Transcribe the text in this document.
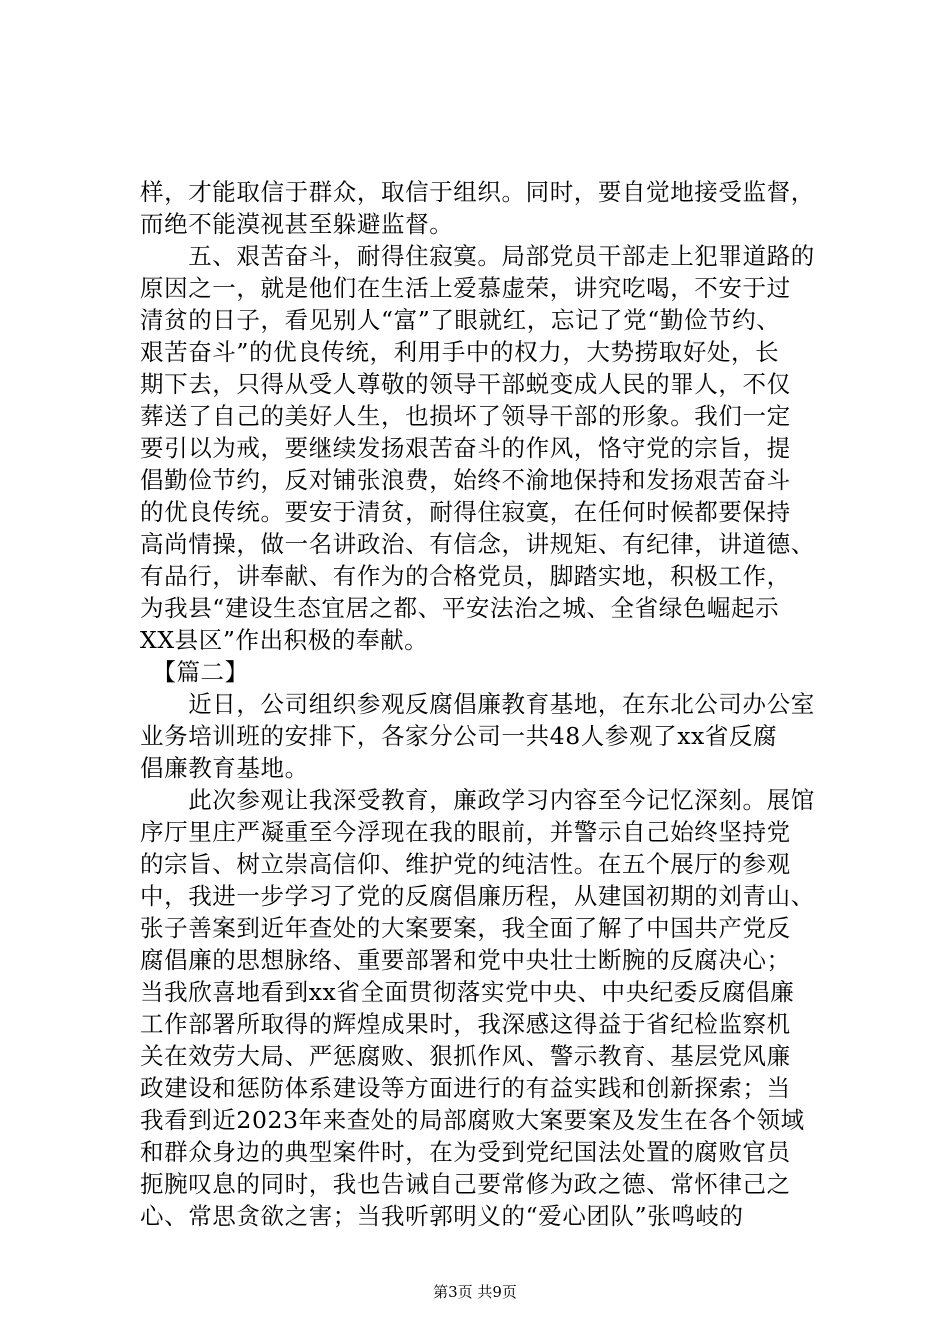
样，才能取信于群众，取信于组织。同时，要自觉地接受监督，
而绝不能漠视甚至躲避监督。
　　五、艰苦奋斗，耐得住寂寞。局部党员干部走上犯罪道路的
原因之一，就是他们在生活上爱慕虚荣，讲究吃喝，不安于过
清贫的日子，看见别人“富”了眼就红，忘记了党“勤俭节约、
艰苦奋斗”的优良传统，利用手中的权力，大势捞取好处，长
期下去，只得从受人尊敬的领导干部蜕变成人民的罪人，不仅
葬送了自己的美好人生，也损坏了领导干部的形象。我们一定
要引以为戒，要继续发扬艰苦奋斗的作风，恪守党的宗旨，提
倡勤俭节约，反对铺张浪费，始终不渝地保持和发扬艰苦奋斗
的优良传统。要安于清贫，耐得住寂寞，在任何时候都要保持
高尚情操，做一名讲政治、有信念，讲规矩、有纪律，讲道德、
有品行，讲奉献、有作为的合格党员，脚踏实地，积极工作，
为我县“建设生态宜居之都、平安法治之城、全省绿色崛起示
XX县区”作出积极的奉献。
　【篇二】
　　近日，公司组织参观反腐倡廉教育基地，在东北公司办公室
业务培训班的安排下，各家分公司一共48人参观了xx省反腐
倡廉教育基地。
　　此次参观让我深受教育，廉政学习内容至今记忆深刻。展馆
序厅里庄严凝重至今浮现在我的眼前，并警示自己始终坚持党
的宗旨、树立崇高信仰、维护党的纯洁性。在五个展厅的参观
中，我进一步学习了党的反腐倡廉历程，从建国初期的刘青山、
张子善案到近年查处的大案要案，我全面了解了中国共产党反
腐倡廉的思想脉络、重要部署和党中央壮士断腕的反腐决心；
当我欣喜地看到xx省全面贯彻落实党中央、中央纪委反腐倡廉
工作部署所取得的辉煌成果时，我深感这得益于省纪检监察机
关在效劳大局、严惩腐败、狠抓作风、警示教育、基层党风廉
政建设和惩防体系建设等方面进行的有益实践和创新探索；当
我看到近2023年来查处的局部腐败大案要案及发生在各个领域
和群众身边的典型案件时，在为受到党纪国法处置的腐败官员
扼腕叹息的同时，我也告诫自己要常修为政之德、常怀律己之
心、常思贪欲之害；当我听郭明义的“爱心团队”张鸣岐的
第3页 共9页
